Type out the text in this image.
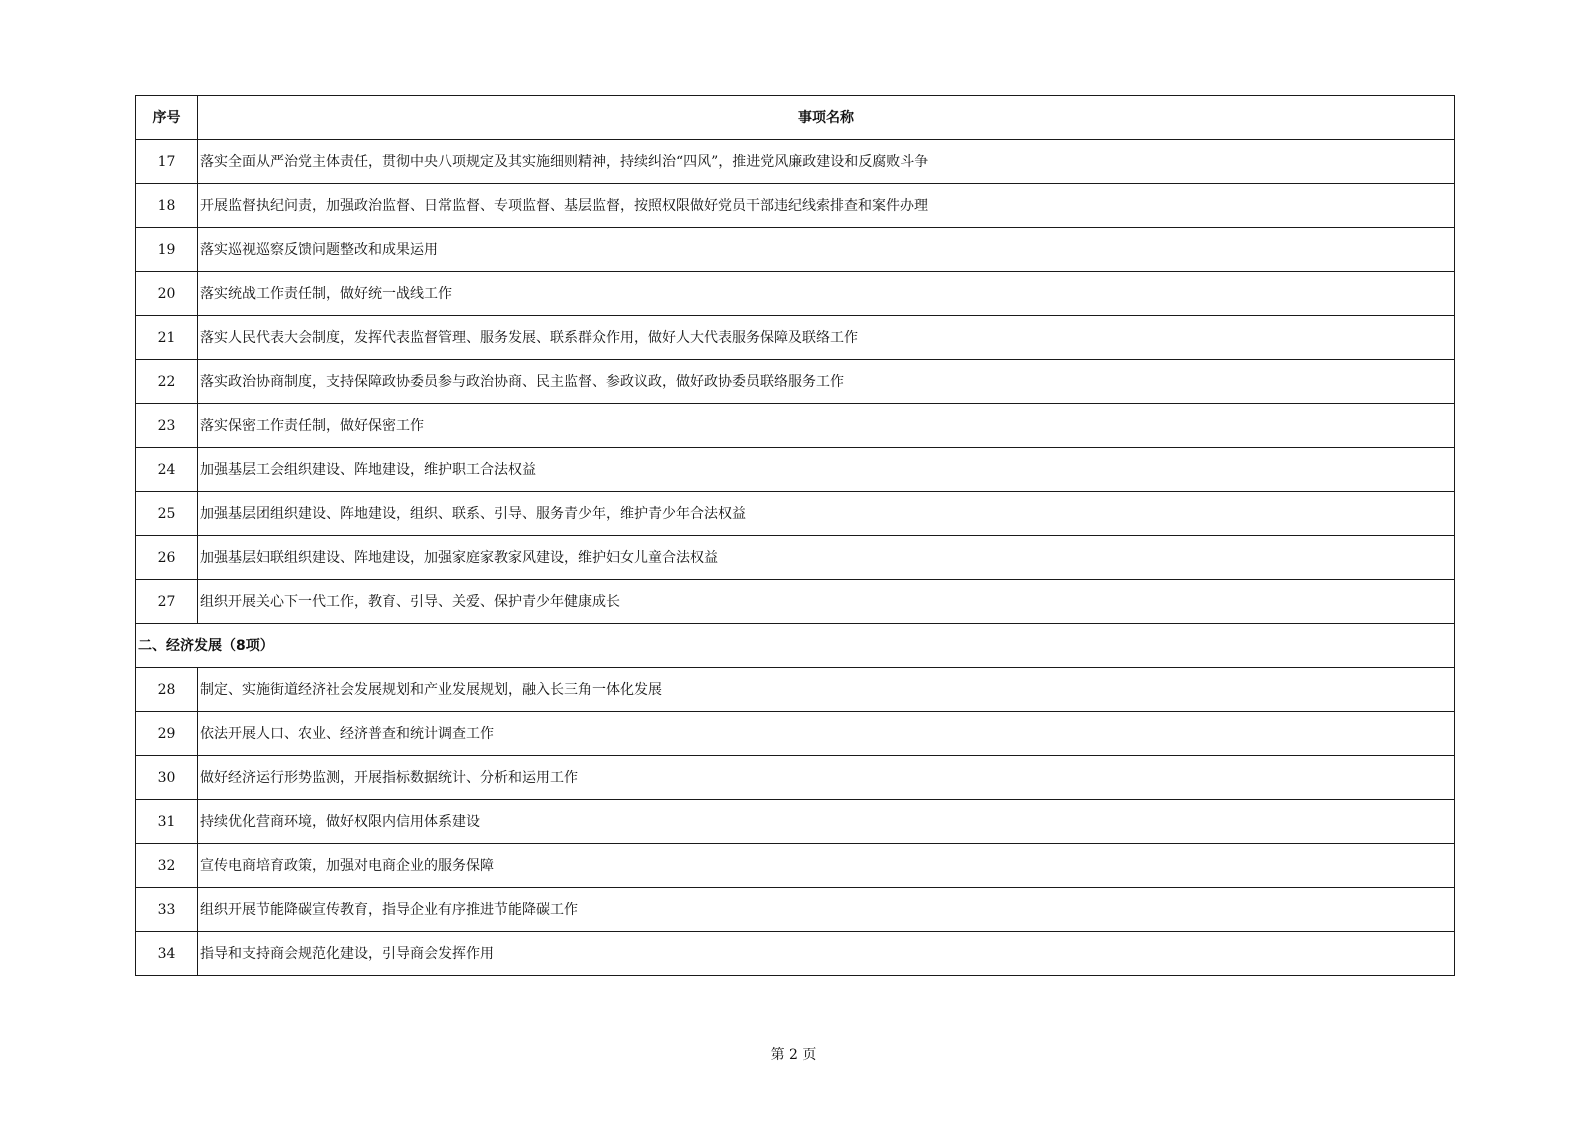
序号	事项名称
17	落实全面从严治党主体责任，贯彻中央八项规定及其实施细则精神，持续纠治“四风”，推进党风廉政建设和反腐败斗争
18	开展监督执纪问责，加强政治监督、日常监督、专项监督、基层监督，按照权限做好党员干部违纪线索排查和案件办理
19	落实巡视巡察反馈问题整改和成果运用
20	落实统战工作责任制，做好统一战线工作
21	落实人民代表大会制度，发挥代表监督管理、服务发展、联系群众作用，做好人大代表服务保障及联络工作
22	落实政治协商制度，支持保障政协委员参与政治协商、民主监督、参政议政，做好政协委员联络服务工作
23	落实保密工作责任制，做好保密工作
24	加强基层工会组织建设、阵地建设，维护职工合法权益
25	加强基层团组织建设、阵地建设，组织、联系、引导、服务青少年，维护青少年合法权益
26	加强基层妇联组织建设、阵地建设，加强家庭家教家风建设，维护妇女儿童合法权益
27	组织开展关心下一代工作，教育、引导、关爱、保护青少年健康成长
二、经济发展（8项）	
28	制定、实施街道经济社会发展规划和产业发展规划，融入长三角一体化发展
29	依法开展人口、农业、经济普查和统计调查工作
30	做好经济运行形势监测，开展指标数据统计、分析和运用工作
31	持续优化营商环境，做好权限内信用体系建设
32	宣传电商培育政策，加强对电商企业的服务保障
33	组织开展节能降碳宣传教育，指导企业有序推进节能降碳工作
34	指导和支持商会规范化建设，引导商会发挥作用
第 2 页
